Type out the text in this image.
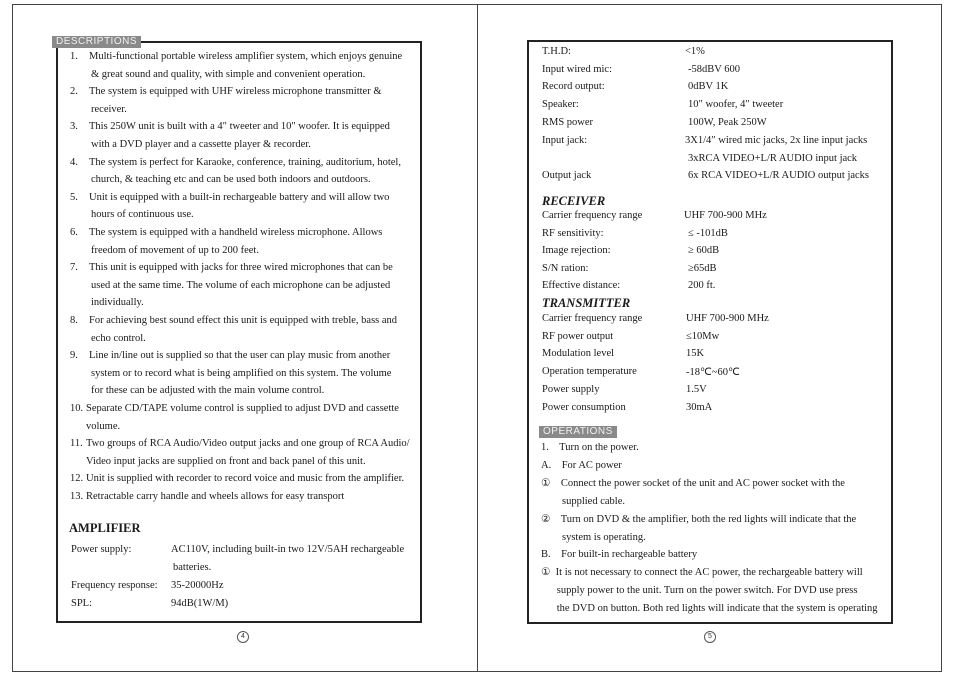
DESCRIPTIONS
1. Multi-functional portable wireless amplifier system, which enjoys genuine
& great sound and quality, with simple and convenient operation.
2. The system is equipped with UHF wireless microphone transmitter &
receiver.
3. This 250W unit is built with a 4" tweeter and 10" woofer. It is equipped
with a DVD player and a cassette player & recorder.
4. The system is perfect for Karaoke, conference, training, auditorium, hotel,
church, & teaching etc and can be used both indoors and outdoors.
5. Unit is equipped with a built-in rechargeable battery and will allow two
hours of continuous use.
6. The system is equipped with a handheld wireless microphone. Allows
freedom of movement of up to 200 feet.
7. This unit is equipped with jacks for three wired microphones that can be
used at the same time. The volume of each microphone can be adjusted
individually.
8. For achieving best sound effect this unit is equipped with treble, bass and
echo control.
9. Line in/line out is supplied so that the user can play music from another
system or to record what is being amplified on this system. The volume
for these can be adjusted with the main volume control.
10. Separate CD/TAPE volume control is supplied to adjust DVD and cassette
volume.
11. Two groups of RCA Audio/Video output jacks and one group of RCA Audio/
Video input jacks are supplied on front and back panel of this unit.
12. Unit is supplied with recorder to record voice and music from the amplifier.
13. Retractable carry handle and wheels allows for easy transport
AMPLIFIER
Power supply:	AC110V, including built-in two 12V/5AH rechargeable
batteries.
Frequency response: 35-20000Hz
SPL:	94dB(1W/M)
4
T.H.D:	<1%
Input wired mic:	-58dBV 600
Record output:	0dBV 1K
Speaker:	10″ woofer, 4″ tweeter
RMS power	100W, Peak 250W
Input jack:	3X1/4″ wired mic jacks, 2x line input jacks
3xRCA VIDEO+L/R AUDIO input jack
Output jack	6x RCA VIDEO+L/R AUDIO output jacks
RECEIVER
Carrier frequency range	UHF 700-900 MHz
RF sensitivity:	≤ -101dB
Image rejection:	≥ 60dB
S/N ration:	≥65dB
Effective distance:	200 ft.
TRANSMITTER
Carrier frequency range	UHF 700-900 MHz
RF power output	≤10Mw
Modulation level	15K
Operation temperature	-18℃~60℃
Power supply	1.5V
Power consumption	30mA
OPERATIONS
1.    Turn on the power.
A.    For AC power
①    Connect the power socket of the unit and AC power socket with the
supplied cable.
②    Turn on DVD & the amplifier, both the red lights will indicate that the
system is operating.
B.    For built-in rechargeable battery
①  It is not necessary to connect the AC power, the rechargeable battery will
supply power to the unit. Turn on the power switch. For DVD use press
the DVD on button. Both red lights will indicate that the system is operating
5
